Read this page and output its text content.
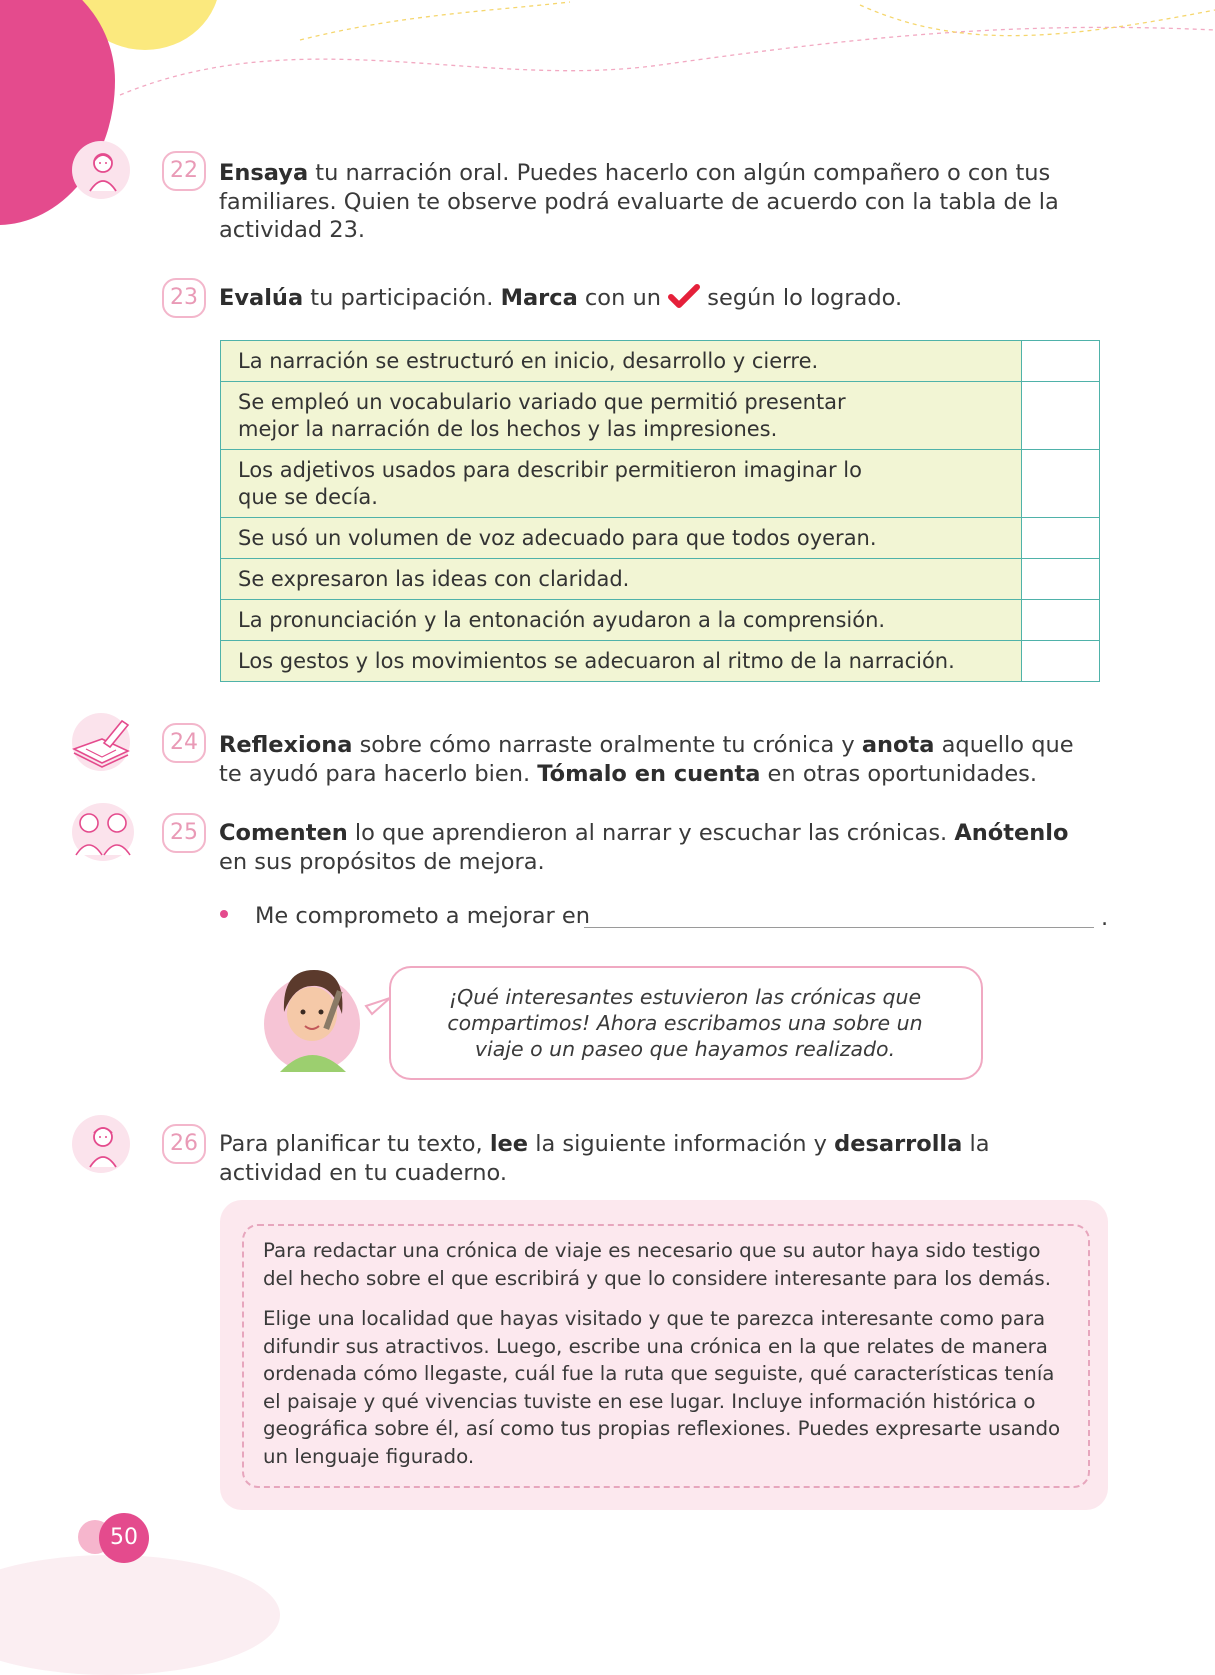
22 Ensaya tu narración oral. Puedes hacerlo con algún compañero o con tus familiares. Quien te observe podrá evaluarte de acuerdo con la tabla de la actividad 23.
23 Evalúa tu participación. Marca con un  según lo logrado.
La narración se estructuró en inicio, desarrollo y cierre.	
Se empleó un vocabulario variado que permitió presentar mejor la narración de los hechos y las impresiones.	
Los adjetivos usados para describir permitieron imaginar lo que se decía.	
Se usó un volumen de voz adecuado para que todos oyeran.	
Se expresaron las ideas con claridad.	
La pronunciación y la entonación ayudaron a la comprensión.	
Los gestos y los movimientos se adecuaron al ritmo de la narración.	
24 Reflexiona sobre cómo narraste oralmente tu crónica y anota aquello que te ayudó para hacerlo bien. Tómalo en cuenta en otras oportunidades.
25 Comenten lo que aprendieron al narrar y escuchar las crónicas. Anótenlo en sus propósitos de mejora.
Me comprometo a mejorar en	.
¡Qué interesantes estuvieron las crónicas que compartimos! Ahora escribamos una sobre un viaje o un paseo que hayamos realizado.
26 Para planificar tu texto, lee la siguiente información y desarrolla la actividad en tu cuaderno.
Para redactar una crónica de viaje es necesario que su autor haya sido testigo del hecho sobre el que escribirá y que lo considere interesante para los demás.
Elige una localidad que hayas visitado y que te parezca interesante como para difundir sus atractivos. Luego, escribe una crónica en la que relates de manera ordenada cómo llegaste, cuál fue la ruta que seguiste, qué características tenía el paisaje y qué vivencias tuviste en ese lugar. Incluye información histórica o geográfica sobre él, así como tus propias reflexiones. Puedes expresarte usando un lenguaje figurado.
50
